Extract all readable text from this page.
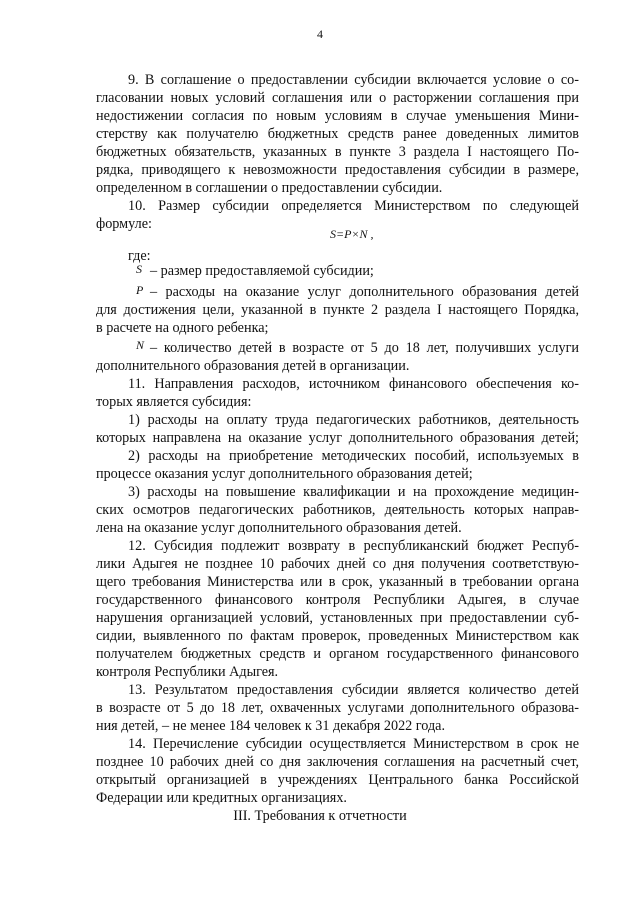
4
9. В соглашение о предоставлении субсидии включается условие о со-
гласовании новых условий соглашения или о расторжении соглашения при
недостижении согласия по новым условиям в случае уменьшения Мини-
стерству как получателю бюджетных средств ранее доведенных лимитов
бюджетных обязательств, указанных в пункте 3 раздела I настоящего По-
рядка, приводящего к невозможности предоставления субсидии в размере,
определенном в соглашении о предоставлении субсидии.
10. Размер субсидии определяется Министерством по следующей
формуле:
S=P×N ,
где:
S – размер предоставляемой субсидии;
P – расходы на оказание услуг дополнительного образования детей
для достижения цели, указанной в пункте 2 раздела I настоящего Порядка,
в расчете на одного ребенка;
N – количество детей в возрасте от 5 до 18 лет, получивших услуги
дополнительного образования детей в организации.
11. Направления расходов, источником финансового обеспечения ко-
торых является субсидия:
1) расходы на оплату труда педагогических работников, деятельность
которых направлена на оказание услуг дополнительного образования детей;
2) расходы на приобретение методических пособий, используемых в
процессе оказания услуг дополнительного образования детей;
3) расходы на повышение квалификации и на прохождение медицин-
ских осмотров педагогических работников, деятельность которых направ-
лена на оказание услуг дополнительного образования детей.
12. Субсидия подлежит возврату в республиканский бюджет Респуб-
лики Адыгея не позднее 10 рабочих дней со дня получения соответствую-
щего требования Министерства или в срок, указанный в требовании органа
государственного финансового контроля Республики Адыгея, в случае
нарушения организацией условий, установленных при предоставлении суб-
сидии, выявленного по фактам проверок, проведенных Министерством как
получателем бюджетных средств и органом государственного финансового
контроля Республики Адыгея.
13. Результатом предоставления субсидии является количество детей
в возрасте от 5 до 18 лет, охваченных услугами дополнительного образова-
ния детей, – не менее 184 человек к 31 декабря 2022 года.
14. Перечисление субсидии осуществляется Министерством в срок не
позднее 10 рабочих дней со дня заключения соглашения на расчетный счет,
открытый организацией в учреждениях Центрального банка Российской
Федерации или кредитных организациях.
III. Требования к отчетности
